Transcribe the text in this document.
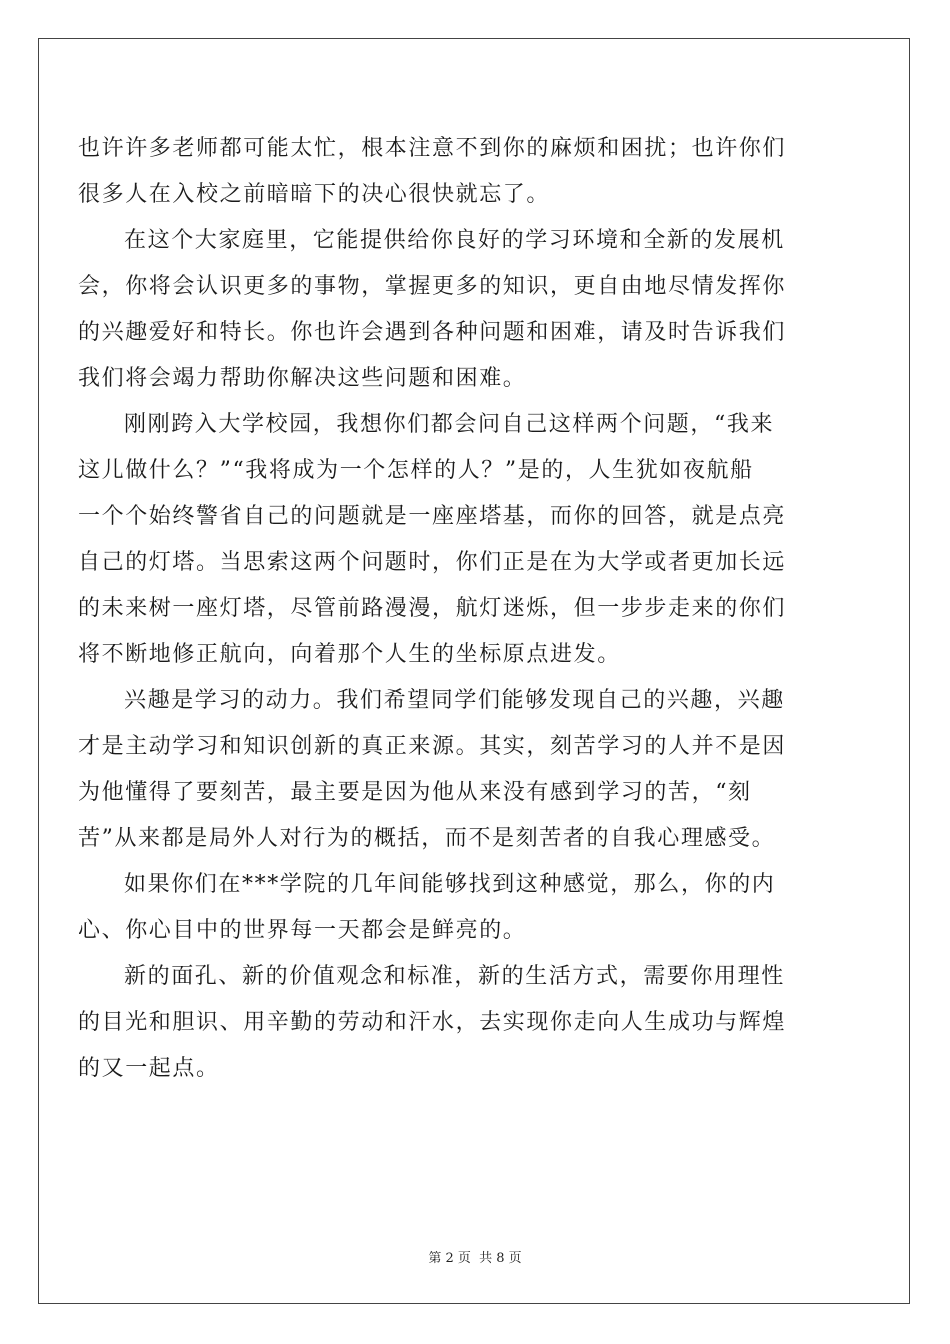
也许许多老师都可能太忙，根本注意不到你的麻烦和困扰；也许你们
很多人在入校之前暗暗下的决心很快就忘了。
在这个大家庭里，它能提供给你良好的学习环境和全新的发展机
会，你将会认识更多的事物，掌握更多的知识，更自由地尽情发挥你
的兴趣爱好和特长。你也许会遇到各种问题和困难，请及时告诉我们
我们将会竭力帮助你解决这些问题和困难。
刚刚跨入大学校园，我想你们都会问自己这样两个问题，“我来
这儿做什么？”“我将成为一个怎样的人？”是的，人生犹如夜航船
一个个始终警省自己的问题就是一座座塔基，而你的回答，就是点亮
自己的灯塔。当思索这两个问题时，你们正是在为大学或者更加长远
的未来树一座灯塔，尽管前路漫漫，航灯迷烁，但一步步走来的你们
将不断地修正航向，向着那个人生的坐标原点进发。
兴趣是学习的动力。我们希望同学们能够发现自己的兴趣，兴趣
才是主动学习和知识创新的真正来源。其实，刻苦学习的人并不是因
为他懂得了要刻苦，最主要是因为他从来没有感到学习的苦，“刻
苦”从来都是局外人对行为的概括，而不是刻苦者的自我心理感受。
如果你们在***学院的几年间能够找到这种感觉，那么，你的内
心、你心目中的世界每一天都会是鲜亮的。
新的面孔、新的价值观念和标准，新的生活方式，需要你用理性
的目光和胆识、用辛勤的劳动和汗水，去实现你走向人生成功与辉煌
的又一起点。
第 2 页 共 8 页
